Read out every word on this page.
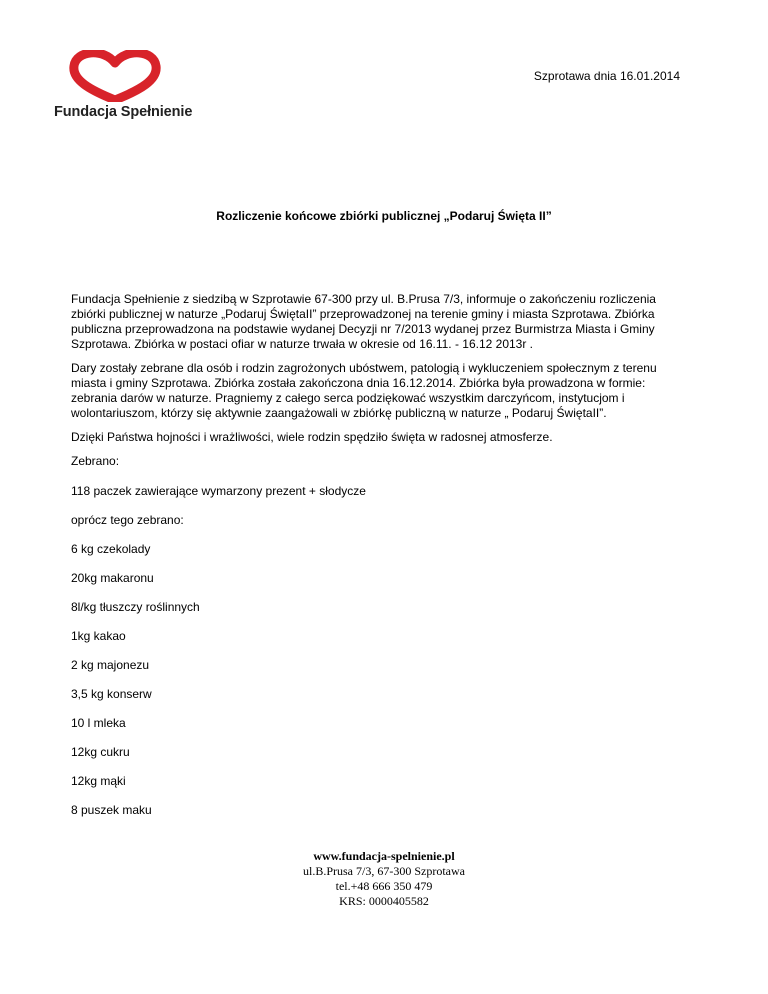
Fundacja Spełnienie
Szprotawa dnia 16.01.2014
Rozliczenie końcowe zbiórki publicznej „Podaruj Święta II”

Fundacja Spełnienie z siedzibą w Szprotawie 67-300 przy ul. B.Prusa 7/3, informuje o zakończeniu rozliczenia zbiórki publicznej w naturze „Podaruj ŚwiętaII” przeprowadzonej na terenie gminy i miasta Szprotawa. Zbiórka publiczna przeprowadzona na podstawie wydanej Decyzji nr 7/2013 wydanej przez Burmistrza Miasta i Gminy Szprotawa. Zbiórka w postaci ofiar w naturze trwała w okresie od 16.11. - 16.12 2013r .

Dary zostały zebrane dla osób i rodzin zagrożonych ubóstwem, patologią i wykluczeniem społecznym z terenu miasta i gminy Szprotawa. Zbiórka została zakończona dnia 16.12.2014. Zbiórka była prowadzona w formie: zebrania darów w naturze. Pragniemy z całego serca podziękować wszystkim darczyńcom, instytucjom i wolontariuszom, którzy się aktywnie zaangażowali w zbiórkę publiczną w naturze „ Podaruj ŚwiętaII”.

Dzięki Państwa hojności i wrażliwości, wiele rodzin spędziło święta w radosnej atmosferze.

Zebrano:

118 paczek zawierające wymarzony prezent + słodycze
oprócz tego zebrano:
6 kg czekolady
20kg makaronu
8l/kg tłuszczy roślinnych
1kg kakao
2 kg majonezu
3,5 kg konserw
10 l mleka
12kg cukru
12kg mąki
8 puszek maku
www.fundacja-spelnienie.pl
ul.B.Prusa 7/3, 67-300 Szprotawa
tel.+48 666 350 479
KRS: 0000405582
